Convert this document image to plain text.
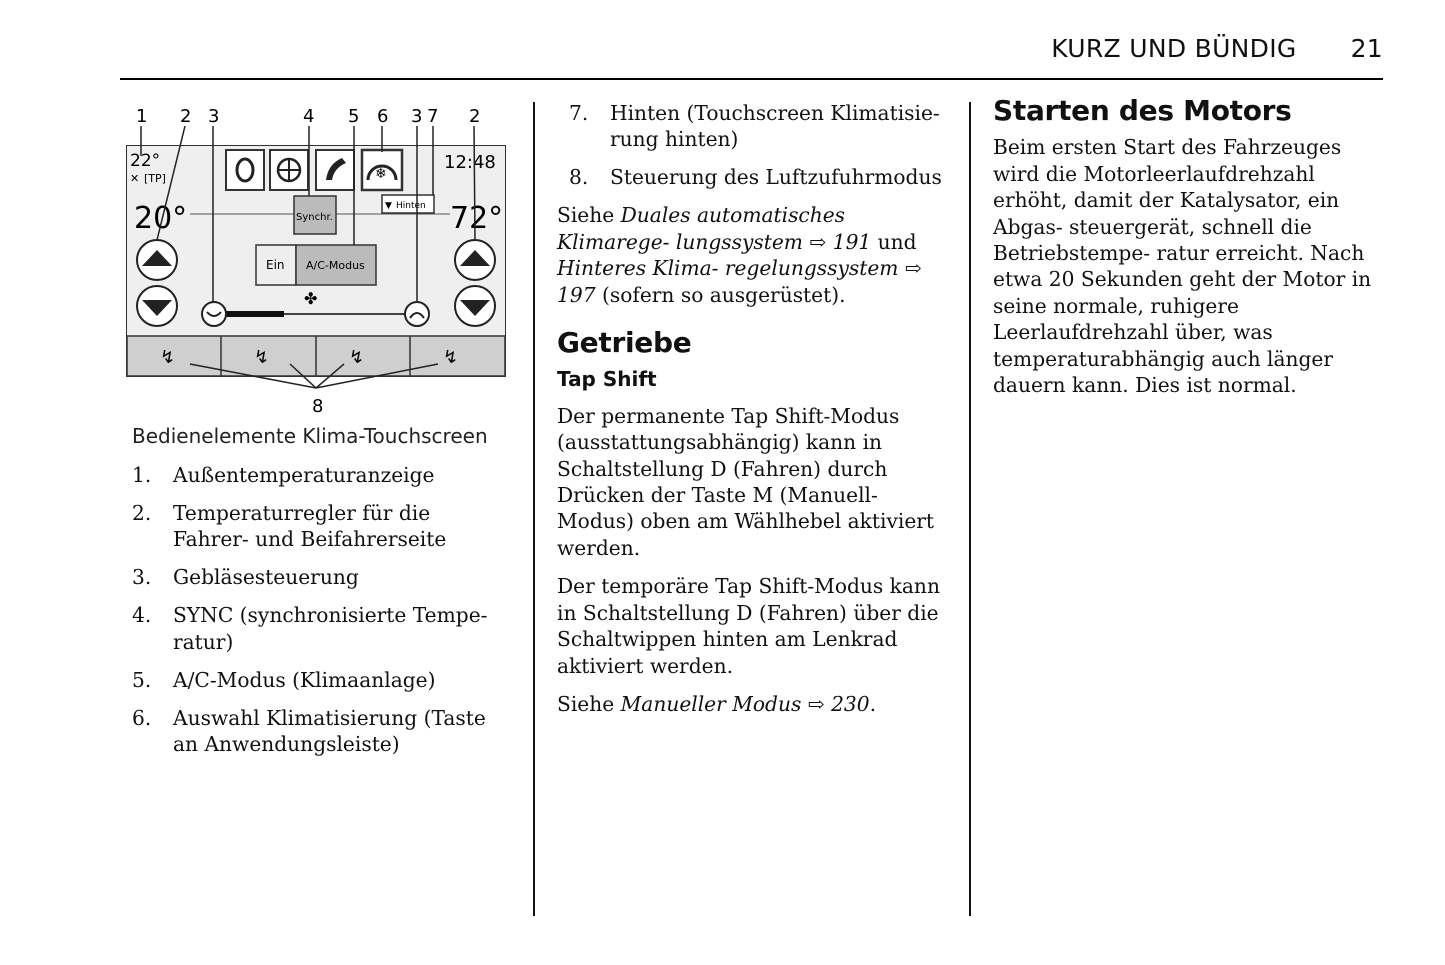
KURZ UND BÜNDIG 21
1 2 3	4 5 6 3 7 2
8
22°
[TP]
✕
12:48
❄
20°	72°
Synchr.
▼ Hinten
Ein A/C-Modus
✤
↯	↯	↯	↯
Bedienelemente Klima-Touchscreen
1. Außentemperaturanzeige
2. Temperaturregler für die Fahrer- und Beifahrerseite
3. Gebläsesteuerung
4. SYNC (synchronisierte Tempe- ratur)
5. A/C-Modus (Klimaanlage)
6. Auswahl Klimatisierung (Taste an Anwendungsleiste)
7. Hinten (Touchscreen Klimatisie- rung hinten)
8. Steuerung des Luftzufuhrmodus

Siehe Duales automatisches Klimarege- lungssystem ⇨ 191 und Hinteres Klima- regelungssystem ⇨ 197 (sofern so ausgerüstet).

Getriebe
Tap Shift

Der permanente Tap Shift-Modus (ausstattungsabhängig) kann in Schaltstellung D (Fahren) durch Drücken der Taste M (Manuell- Modus) oben am Wählhebel aktiviert werden.

Der temporäre Tap Shift-Modus kann in Schaltstellung D (Fahren) über die Schaltwippen hinten am Lenkrad aktiviert werden.

Siehe Manueller Modus ⇨ 230.

Starten des Motors

Beim ersten Start des Fahrzeuges wird die Motorleerlaufdrehzahl erhöht, damit der Katalysator, ein Abgas- steuergerät, schnell die Betriebstempe- ratur erreicht. Nach etwa 20 Sekunden geht der Motor in seine normale, ruhigere Leerlaufdrehzahl über, was temperaturabhängig auch länger dauern kann. Dies ist normal.
